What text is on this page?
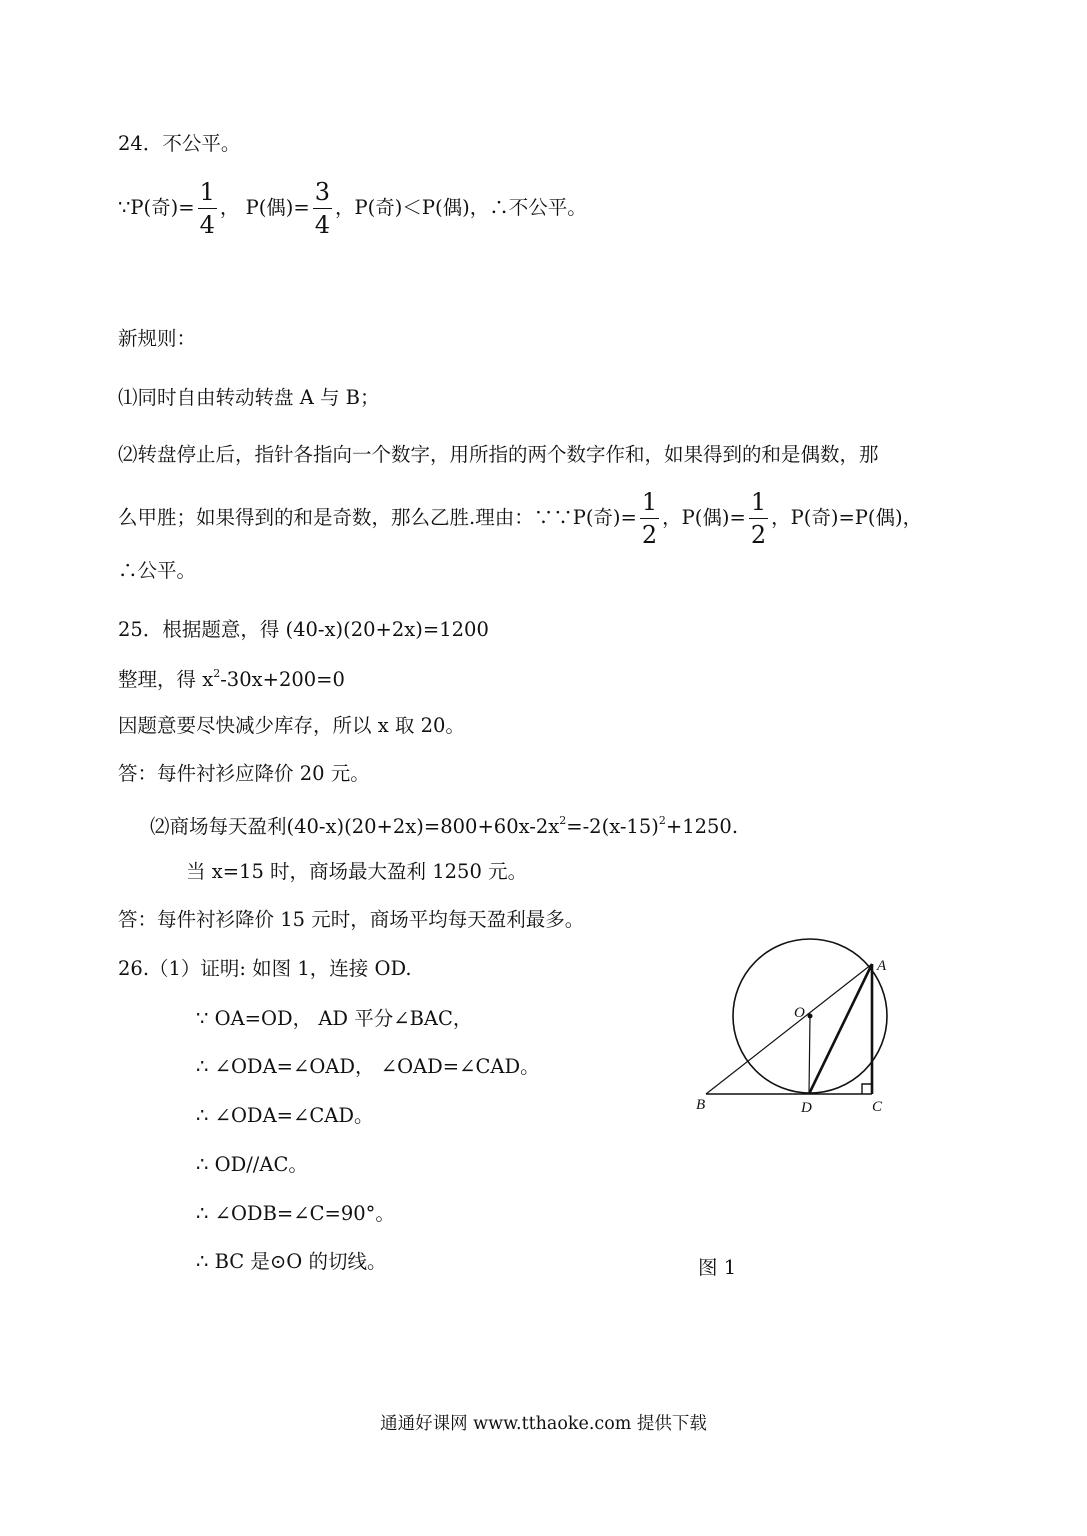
24．不公平。
∵P(奇)= $\frac{1}{4}$ ， P(偶)= $\frac{3}{4}$ ，P(奇)＜P(偶)，∴不公平。
新规则：
⑴同时自由转动转盘 A 与 B；
⑵转盘停止后，指针各指向一个数字，用所指的两个数字作和，如果得到的和是偶数，那
么甲胜；如果得到的和是奇数，那么乙胜.理由：∵∵P(奇)= $\frac{1}{2}$ ，P(偶)= $\frac{1}{2}$ ，P(奇)=P(偶)，
∴公平。
25．根据题意，得 (40-x)(20+2x)=1200
整理，得 $x^2-30x+200=0$
因题意要尽快减少库存，所以 x 取 20。
答：每件衬衫应降价 20 元。
⑵商场每天盈利$(40-x)(20+2x)=800+60x-2x^2=-2(x-15)^2+1250$.
当 x=15 时，商场最大盈利 1250 元。
答：每件衬衫降价 15 元时，商场平均每天盈利最多。
26.（1）证明: 如图 1，连接 OD.
∵ OA=OD， AD 平分∠BAC，
∴ ∠ODA=∠OAD， ∠OAD=∠CAD。
∴ ∠ODA=∠CAD。
∴ OD//AC。
∴ ∠ODB=∠C=90°。
∴ BC 是⊙O 的切线。
A
O
B	D	C
图 1
通通好课网 www.tthaoke.com 提供下载
